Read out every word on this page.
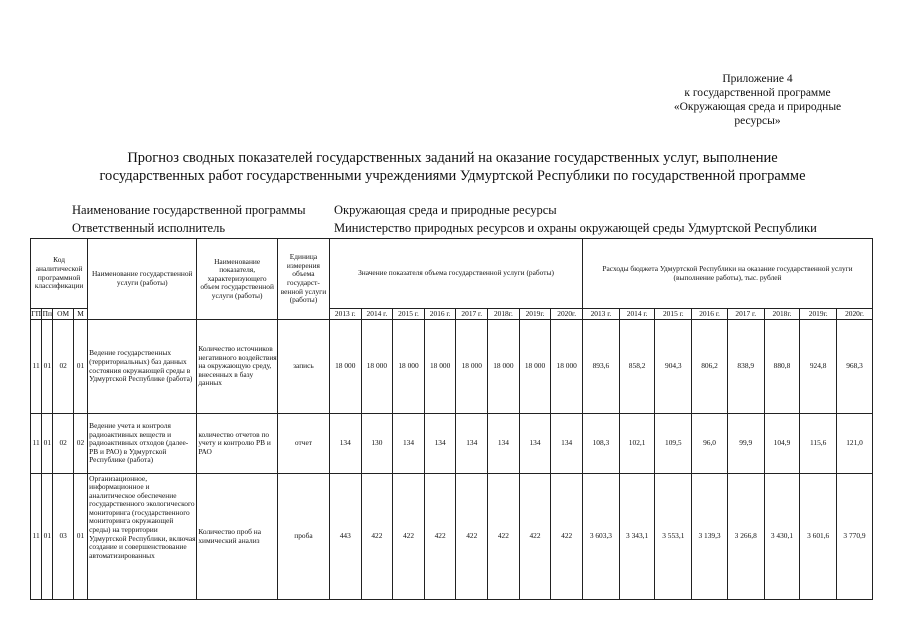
Приложение 4
к государственной программе
«Окружающая среда и природные
ресурсы»
Прогноз сводных показателей государственных заданий на оказание государственных услуг, выполнение
государственных работ государственными учреждениями Удмуртской Республики по государственной программе
Наименование государственной программы Окружающая среда и природные ресурсы
Ответственный исполнитель	Министерство природных ресурсов и охраны окружающей среды Удмуртской Республики
Код аналитической программной классификации				Наименование государственной услуги (работы)	Наименование показателя, характеризующего объем государственной услуги (работы)	Единица измерения объема государст-венной услуги (работы)	Значение показателя объема государственной услуги (работы)								Расходы бюджета Удмуртской Республики на оказание государственной услуги (выполнение работы), тыс. рублей							
ГП	Пп	ОМ	М				2013 г.	2014 г.	2015 г.	2016 г.	2017 г.	2018г.	2019г.	2020г.	2013 г.	2014 г.	2015 г.	2016 г.	2017 г.	2018г.	2019г.	2020г.
11	01	02	01	Ведение государственных (территориальных) баз данных состояния окружающей среды в Удмуртской Республике (работа)	Количество источников негативного воздействия на окружающую среду, внесенных в базу данных	запись	18 000	18 000	18 000	18 000	18 000	18 000	18 000	18 000	893,6	858,2	904,3	806,2	838,9	880,8	924,8	968,3
11	01	02	02	Ведение учета и контроля радиоактивных веществ и радиоактивных отходов (далее-РВ и РАО) в Удмуртской Республике (работа)	количество отчетов по учету и контролю РВ и РАО	отчет	134	130	134	134	134	134	134	134	108,3	102,1	109,5	96,0	99,9	104,9	115,6	121,0
11	01	03	01	Организационное, информационное и аналитическое обеспечение государственного экологического мониторинга (государственного мониторинга окружающей среды) на территории Удмуртской Республики, включая создание и совершенствование автоматизированных	Количество проб на химический анализ	проба	443	422	422	422	422	422	422	422	3 603,3	3 343,1	3 553,1	3 139,3	3 266,8	3 430,1	3 601,6	3 770,9
